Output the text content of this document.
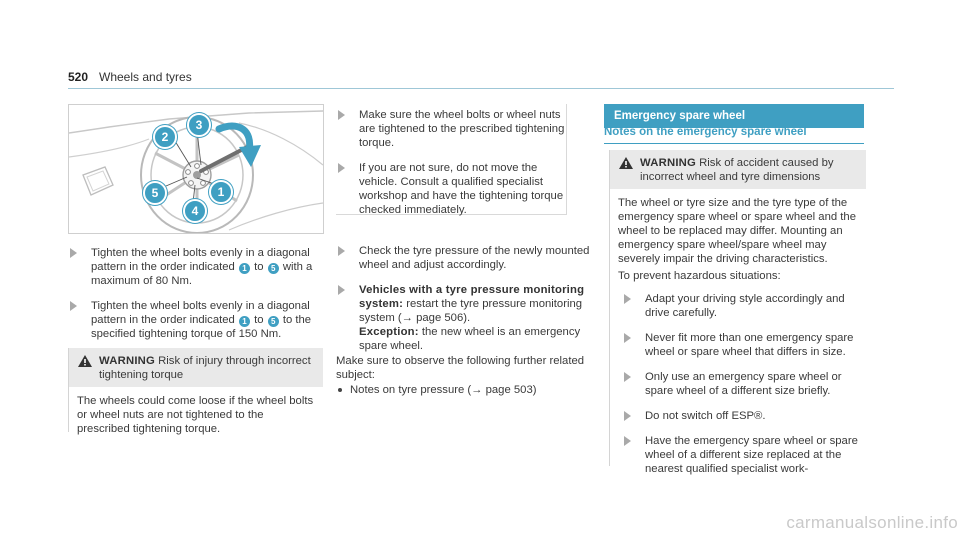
520 Wheels and tyres
1
2
3
4
5
Tighten the wheel bolts evenly in a diagonal pattern in the order indicated 1 to 5 with a maximum of 80 Nm.
Tighten the wheel bolts evenly in a diagonal pattern in the order indicated 1 to 5 to the specified tightening torque of 150 Nm.
WARNING Risk of injury through incorrect tightening torque
The wheels could come loose if the wheel bolts or wheel nuts are not tightened to the prescribed tightening torque.
Make sure the wheel bolts or wheel nuts are tightened to the prescribed tightening torque.
If you are not sure, do not move the vehicle. Consult a qualified specialist workshop and have the tightening torque checked immediately.
Check the tyre pressure of the newly mounted wheel and adjust accordingly.
Vehicles with a tyre pressure monitoring system: restart the tyre pressure monitoring system (→ page 506).
Exception: the new wheel is an emergency spare wheel.
Make sure to observe the following further related subject:
Notes on tyre pressure (→ page 503)
Emergency spare wheel
Notes on the emergency spare wheel
WARNING Risk of accident caused by incorrect wheel and tyre dimensions
The wheel or tyre size and the tyre type of the emergency spare wheel or spare wheel and the wheel to be replaced may differ. Mounting an emergency spare wheel/spare wheel may severely impair the driving characteristics.
To prevent hazardous situations:
Adapt your driving style accordingly and drive carefully.
Never fit more than one emergency spare wheel or spare wheel that differs in size.
Only use an emergency spare wheel or spare wheel of a different size briefly.
Do not switch off ESP®.
Have the emergency spare wheel or spare wheel of a different size replaced at the nearest qualified specialist work-
carmanualsonline.info
